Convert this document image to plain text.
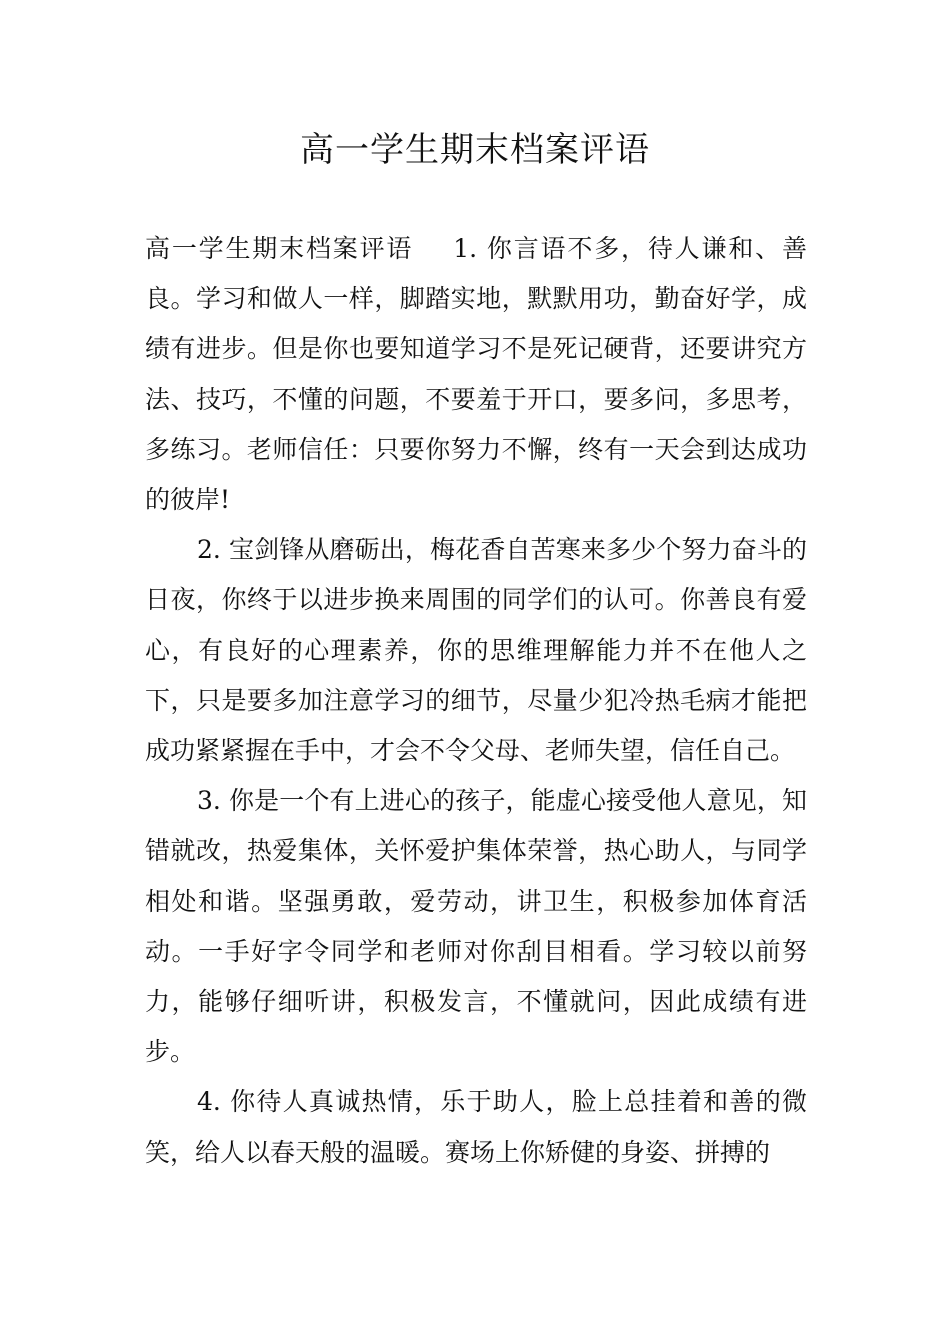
高一学生期末档案评语

高一学生期末档案评语 1. 你言语不多，待人谦和、善良。学习和做人一样，脚踏实地，默默用功，勤奋好学，成绩有进步。但是你也要知道学习不是死记硬背，还要讲究方法、技巧，不懂的问题，不要羞于开口，要多问，多思考，多练习。老师信任：只要你努力不懈，终有一天会到达成功的彼岸!

2. 宝剑锋从磨砺出，梅花香自苦寒来多少个努力奋斗的日夜，你终于以进步换来周围的同学们的认可。你善良有爱心，有良好的心理素养，你的思维理解能力并不在他人之下，只是要多加注意学习的细节，尽量少犯冷热毛病才能把成功紧紧握在手中，才会不令父母、老师失望，信任自己。

3. 你是一个有上进心的孩子，能虚心接受他人意见，知错就改，热爱集体，关怀爱护集体荣誉，热心助人，与同学相处和谐。坚强勇敢，爱劳动，讲卫生，积极参加体育活动。一手好字令同学和老师对你刮目相看。学习较以前努力，能够仔细听讲，积极发言，不懂就问，因此成绩有进步。

4. 你待人真诚热情，乐于助人，脸上总挂着和善的微笑，给人以春天般的温暖。赛场上你矫健的身姿、拼搏的
